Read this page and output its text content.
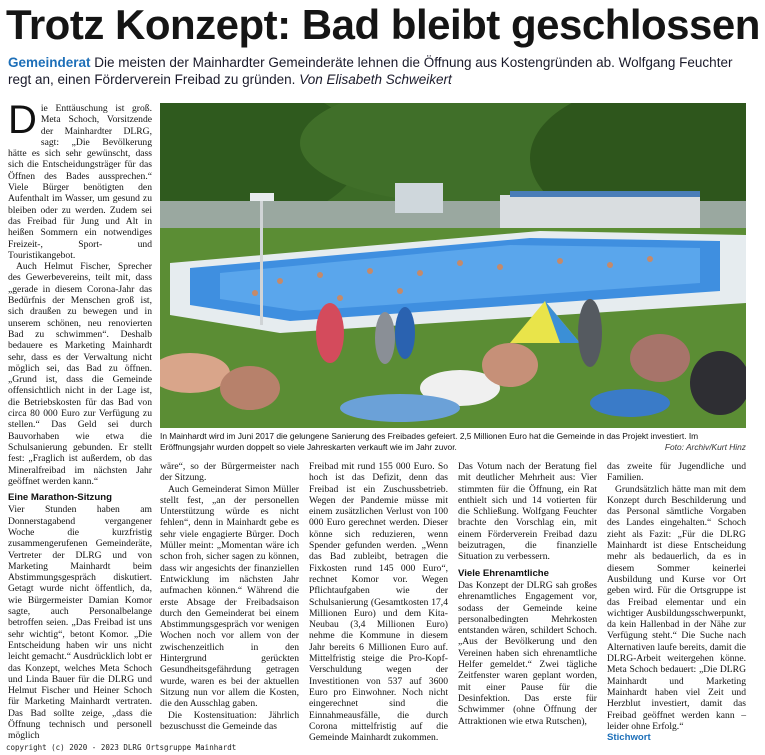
Trotz Konzept: Bad bleibt geschlossen
Gemeinderat Die meisten der Mainhardter Gemeinderäte lehnen die Öffnung aus Kostengründen ab. Wolfgang Feuchter regt an, einen Förderverein Freibad zu gründen. Von Elisabeth Schweikert
In Mainhardt wird im Juni 2017 die gelungene Sanierung des Freibades gefeiert. 2,5 Millionen Euro hat die Gemeinde in das Projekt investiert. Im Eröffnungsjahr wurden doppelt so viele Jahreskarten verkauft wie im Jahr zuvor.	Foto: Archiv/Kurt Hinz
D ie Enttäuschung ist groß. Meta Schoch, Vorsitzende der Mainhardter DLRG, sagt: „Die Bevölkerung hätte es sich sehr gewünscht, dass sich die Entscheidungsträger für das Öffnen des Bades aussprechen.“ Viele Bürger benötigten den Aufenthalt im Wasser, um gesund zu bleiben oder zu werden. Zudem sei das Freibad für Jung und Alt in heißen Sommern ein notwendiges Freizeit-, Sport- und Touristikangebot.

Auch Helmut Fischer, Sprecher des Gewerbevereins, teilt mit, dass „gerade in diesem Corona-Jahr das Bedürfnis der Menschen groß ist, sich draußen zu bewegen und in unserem schönen, neu renovierten Bad zu schwimmen“. Deshalb bedauere es Marketing Mainhardt sehr, dass es der Verwaltung nicht möglich sei, das Bad zu öffnen. „Grund ist, dass die Gemeinde offensichtlich nicht in der Lage ist, die Betriebskosten für das Bad von circa 80 000 Euro zur Verfügung zu stellen.“ Das Geld sei durch Bauvorhaben wie etwa die Schulsanierung gebunden. Er stellt fest: „Fraglich ist außerdem, ob das Mineralfreibad im nächsten Jahr geöffnet werden kann.“

Eine Marathon-Sitzung

Vier Stunden haben am Donnerstagabend vergangener Woche die kurzfristig zusammengerufenen Gemeinderäte, Vertreter der DLRG und von Marketing Mainhardt beim Abstimmungsgespräch diskutiert. Getagt wurde nicht öffentlich, da, wie Bürgermeister Damian Komor sagte, auch Personalbelange betroffen seien. „Das Freibad ist uns sehr wichtig“, betont Komor. „Die Entscheidung haben wir uns nicht leicht gemacht.“ Ausdrücklich lobt er das Konzept, welches Meta Schoch und Linda Bauer für die DLRG und Helmut Fischer und Heiner Schoch für Marketing Mainhardt vertraten. Das Bad sollte zeige, „dass die Öffnung technisch und personell möglich

wäre“, so der Bürgermeister nach der Sitzung.

Auch Gemeinderat Simon Müller stellt fest, „an der personellen Unterstützung würde es nicht fehlen“, denn in Mainhardt gebe es sehr viele engagierte Bürger. Doch Müller meint: „Momentan wäre ich schon froh, sicher sagen zu können, dass wir angesichts der finanziellen Entwicklung im nächsten Jahr aufmachen können.“ Während die erste Absage der Freibadsaison durch den Gemeinderat bei einem Abstimmungsgespräch vor wenigen Wochen noch vor allem von der zwischenzeitlich in den Hintergrund gerückten Gesundheitsgefährdung getragen wurde, waren es bei der aktuellen Sitzung nun vor allem die Kosten, die den Ausschlag gaben.

Die Kostensituation: Jährlich bezuschusst die Gemeinde das

Freibad mit rund 155 000 Euro. So hoch ist das Defizit, denn das Freibad ist ein Zuschussbetrieb. Wegen der Pandemie müsse mit einem zusätzlichen Verlust von 100 000 Euro gerechnet werden. Dieser könne sich reduzieren, wenn Spender gefunden werden. „Wenn das Bad zubleibt, betragen die Fixkosten rund 145 000 Euro“, rechnet Komor vor. Wegen Pflichtaufgaben wie der Schulsanierung (Gesamtkosten 17,4 Millionen Euro) und dem Kita-Neubau (3,4 Millionen Euro) nehme die Kommune in diesem Jahr bereits 6 Millionen Euro auf. Mittelfristig steige die Pro-Kopf-Verschuldung wegen der Investitionen von 537 auf 3600 Euro pro Einwohner. Noch nicht eingerechnet sind die Einnahmeausfälle, die durch Corona mittelfristig auf die Gemeinde Mainhardt zukommen.

Das Votum nach der Beratung fiel mit deutlicher Mehrheit aus: Vier stimmten für die Öffnung, ein Rat enthielt sich und 14 votierten für die Schließung. Wolfgang Feuchter brachte den Vorschlag ein, mit einem Förderverein Freibad dazu beizutragen, die finanzielle Situation zu verbessern.

Viele Ehrenamtliche

Das Konzept der DLRG sah großes ehrenamtliches Engagement vor, sodass der Gemeinde keine personalbedingten Mehrkosten entstanden wären, schildert Schoch. „Aus der Bevölkerung und den Vereinen haben sich ehrenamtliche Helfer gemeldet.“ Zwei tägliche Zeitfenster waren geplant worden, mit einer Pause für die Desinfektion. Das erste für Schwimmer (ohne Öffnung der Attraktionen wie etwa Rutschen),

das zweite für Jugendliche und Familien.

Grundsätzlich hätte man mit dem Konzept durch Beschilderung und das Personal sämtliche Vorgaben des Landes eingehalten.“ Schoch zieht als Fazit: „Für die DLRG Mainhardt ist diese Entscheidung mehr als bedauerlich, da es in diesem Sommer keinerlei Ausbildung und Kurse vor Ort geben wird. Für die Ortsgruppe ist das Freibad elementar und ein wichtiger Ausbildungsschwerpunkt, da kein Hallenbad in der Nähe zur Verfügung steht.“ Die Suche nach Alternativen laufe bereits, damit die DLRG-Arbeit weitergehen könne. Meta Schoch bedauert: „Die DLRG Mainhardt und Marketing Mainhardt haben viel Zeit und Herzblut investiert, damit das Freibad geöffnet werden kann – leider ohne Erfolg.“

Stichwort
copyright (c) 2020 - 2023 DLRG Ortsgruppe Mainhardt
